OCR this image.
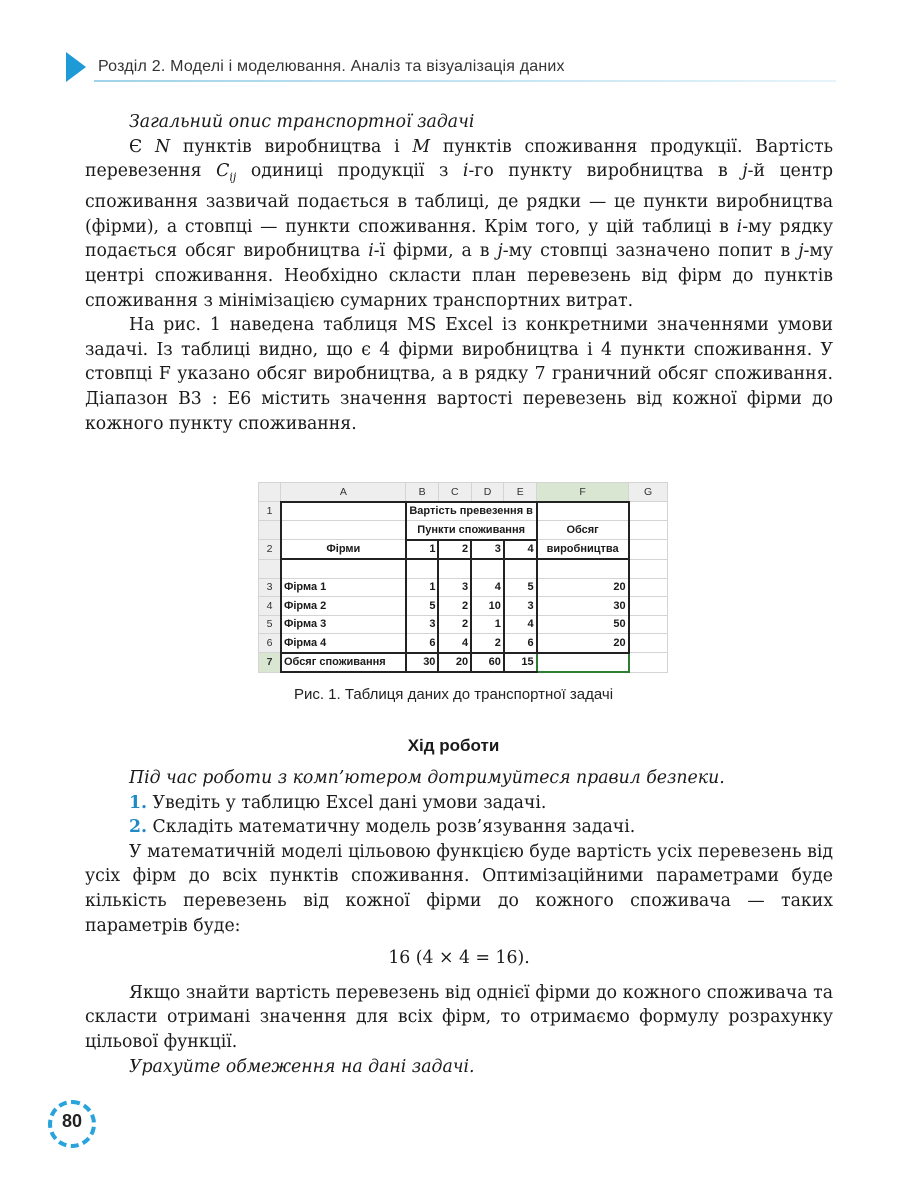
Розділ 2. Моделі і моделювання. Аналіз та візуалізація даних

Загальний опис транспортної задачі

Є N пунктів виробництва і M пунктів споживання продукції. Вартість перевезення $C_{ij}$ одиниці продукції з i-го пункту виробництва в j-й центр споживання зазвичай подається в таблиці, де рядки — це пункти виробництва (фірми), а стовпці — пункти споживання. Крім того, у цій таблиці в i-му рядку подається обсяг виробництва i-ї фірми, а в j-му стовпці зазначено попит в j-му центрі споживання. Необхідно скласти план перевезень від фірм до пунктів споживання з мінімізацією сумарних транспортних витрат.

На рис. 1 наведена таблиця MS Excel із конкретними значеннями умови задачі. Із таблиці видно, що є 4 фірми виробництва і 4 пункти споживання. У стовпці F указано обсяг виробництва, а в рядку 7 граничний обсяг споживання. Діапазон B3 : E6 містить значення вартості перевезень від кожної фірми до кожного пункту споживання.

	A	B	C	D	E	F	G
1		Вартість превезення в					
		Пункти споживання				Обсяг	
2	Фірми	1	2	3	4	виробництва	

3	Фірма 1	1	3	4	5	20	
4	Фірма 2	5	2	10	3	30	
5	Фірма 3	3	2	1	4	50	
6	Фірма 4	6	4	2	6	20	
7	Обсяг споживання	30	20	60	15		
Рис. 1. Таблиця даних до транспортної задачі
Хід роботи

Під час роботи з комп’ютером дотримуйтеся правил безпеки.

1. Уведіть у таблицю Excel дані умови задачі.

2. Складіть математичну модель розв’язування задачі.

У математичній моделі цільовою функцією буде вартість усіх перевезень від усіх фірм до всіх пунктів споживання. Оптимізаційними параметрами буде кількість перевезень від кожної фірми до кожного споживача — таких параметрів буде:

16 (4 × 4 = 16).

Якщо знайти вартість перевезень від однієї фірми до кожного споживача та скласти отримані значення для всіх фірм, то отримаємо формулу розрахунку цільової функції.

Урахуйте обмеження на дані задачі.

80
